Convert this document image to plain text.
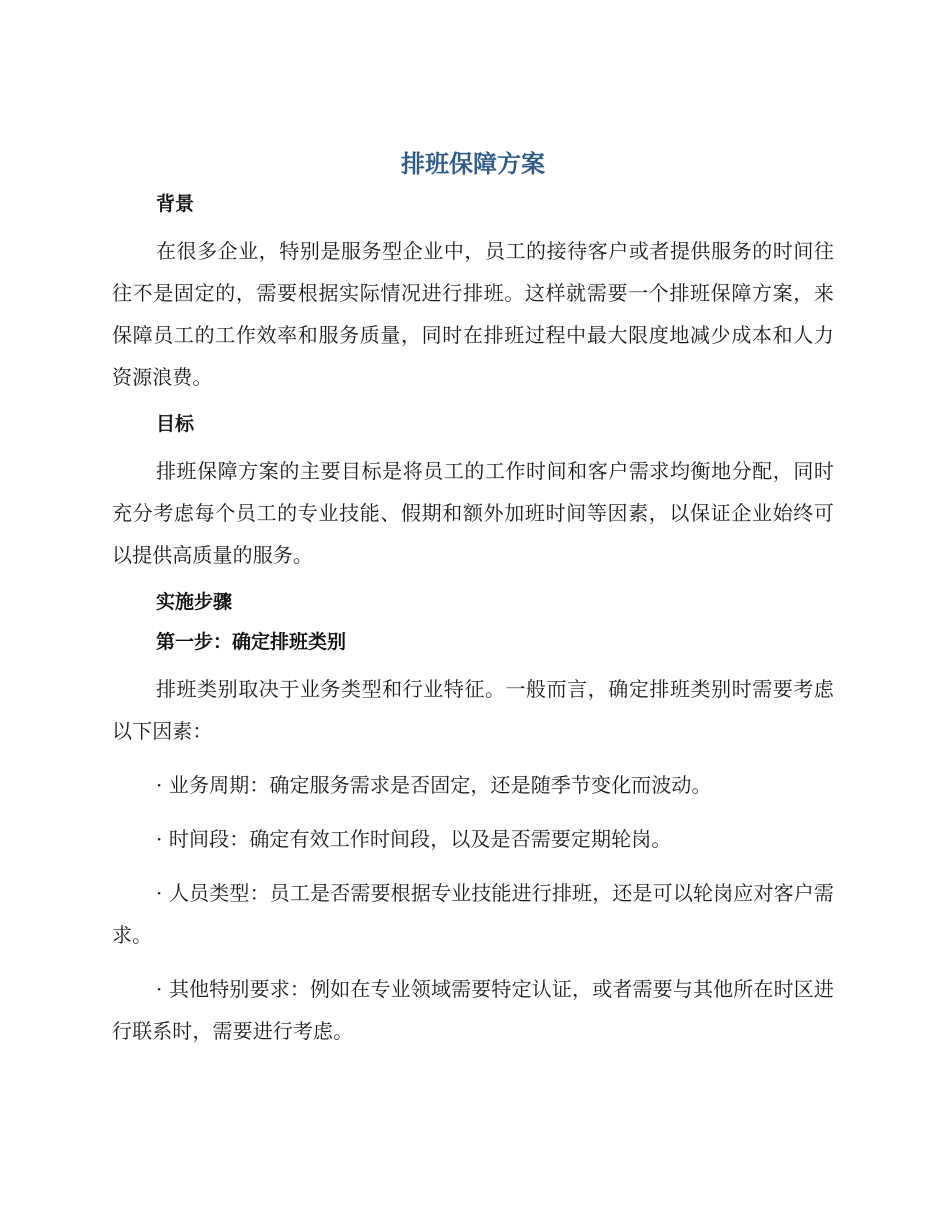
排班保障方案
背景

在很多企业，特别是服务型企业中，员工的接待客户或者提供服务的时间往往不是固定的，需要根据实际情况进行排班。这样就需要一个排班保障方案，来保障员工的工作效率和服务质量，同时在排班过程中最大限度地减少成本和人力资源浪费。

目标

排班保障方案的主要目标是将员工的工作时间和客户需求均衡地分配，同时充分考虑每个员工的专业技能、假期和额外加班时间等因素，以保证企业始终可以提供高质量的服务。

实施步骤
第一步：确定排班类别

排班类别取决于业务类型和行业特征。一般而言，确定排班类别时需要考虑以下因素：

· 业务周期：确定服务需求是否固定，还是随季节变化而波动。

· 时间段：确定有效工作时间段，以及是否需要定期轮岗。

· 人员类型：员工是否需要根据专业技能进行排班，还是可以轮岗应对客户需求。

· 其他特别要求：例如在专业领域需要特定认证，或者需要与其他所在时区进行联系时，需要进行考虑。
